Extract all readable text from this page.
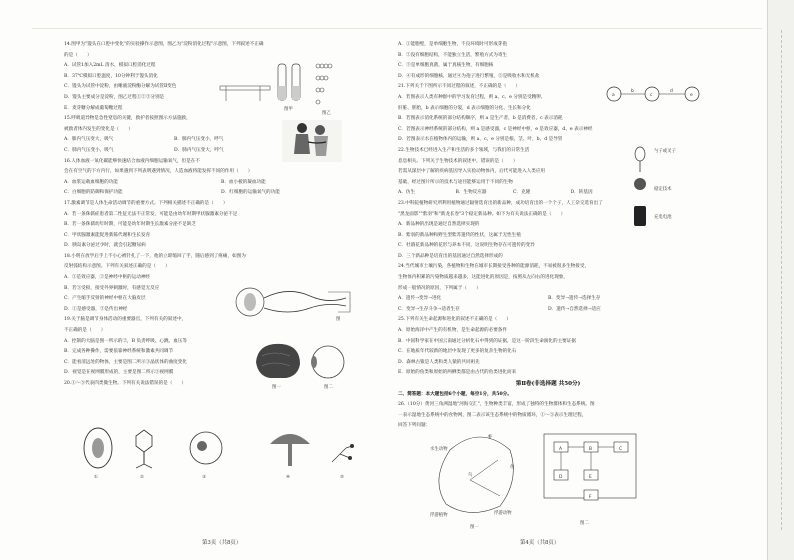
14.图甲为"馒头在口腔中变化"的实验操作示意图，图乙为"淀粉消化过程"示意图，下列叙述不正确
的是（　　）
A．试管1加入2mL 清水，模拟口腔消化过程
B．37℃模拟口腔温度，10分钟利于馒头消化
C．馒头为试管中淀粉，由唾液淀粉酶分解为试管Ⅱ变色
D．馒头主要成分是淀粉，图乙过程①②③分别是
E．麦芽糖分解成葡萄糖过程
15.呼吸道异物是急性窒息的关键，救护者按照图示方法施救，
被救者体内发生的变化是（　　）
A．肺内气压变大，吸气	B．肺内气压变小，呼气
C．肺内气压变小，吸气	D．肺内气压变大，呼气
16.人体血液一氧化碳能够快速结合血液内细胞运输氧气，但是在不
会在有空气的下方内行，如果遇到下列表明遇到情况，人造血液将能发挥不同的作用（　　）
A．血浆运载血细胞的功能	B．血小板的凝血功能
C．白细胞的防御和保护功能	D．红细胞的运输氧气的功能
17.激素调节是人体生命活动调节的重要方式。下列相关描述不正确的是（　　）
A．若一条侏儒症患者第二性征无法不正常发，可能是由幼年时期甲状腺激素分泌不足
B．若一条侏儒幼年时期，可能是幼年时期生长激素分泌不足缺乏
C．甲状腺激素能促进新陈代谢和生长发育
D．胰岛素分泌过少时，就会引起糖尿病
18.小明在放学后手上不小心被针扎了一下，他的立即缩回了手，随后感到了疼痛，如图为
反射弧结构示意图。下列有关叙述正确的是（　　）
A．①是效应器，②是神经中枢的运动神经
B．若⑤受损，接受外界刺激时，有感觉无反应
C．产生缩手反射的神经中枢在大脑皮层
D．①是感受器，③是传出神经
19.关于脑是调节身体活动的重要器官，下列有关的叙述中，
不正确的是（　　）
A．控制的大脑是图一所示的②，B 负责呼吸、心跳、血压等
B．完成各种操作，需要依靠神经系统和激素共同调节
C．能看清远处的物体，主要是图二所示③晶状体的曲度变化
D．视觉是在视网膜形成的，主要是图二所示⑤视网膜
20.①～⑤代表四类微生物。下列有关说法错误的是（　　）
图甲
图乙
图
图一	图二
①	②	③	④	⑤
第3页（共8页）
A．①能胞壁，是单细胞生物，不良环境时可形成芽孢
B．②没有细胞结构，不能独立生活，繁殖方式为寄生
C．③是单细胞真菌，属于真核生物，有细胞核
D．④有成形的细胞核，通过④为孢子进行繁殖，⑤是吸收水和无机盐
21.下列关于下图所示不同过程的叙述，不正确的是（　　）
A．若图表示人类有种群中的学习发育过程，则 a、c、e 分别是受精卵、
肝脏、胚胎，b 表示细胞的分裂，d 表示细胞的分化、生长和分化
B．若图表示消化系统的部分结构顺序，则 a 是生产者，b 是消费者，c 表示消耗
C．若图表示神经系统的部分结构，则 a 是感受器，c 是神经中枢，e 是效应器，d、e 表示神经
D．若图表示水在植物体内的运输，则 a、c、e 分别是根、茎、叶，b、d 是导管
22.生物技术已经进入生产和生活的多个领域，与我们的日常生活
息息相关。下列关于生物技术的叙述中，错误的是（　　）
若需从深层中了解的疾病基因导入实验动物体内，后代可能进入人类应用
基础，经过图片所示的技术与途径能够运用于不同的生物
A．仿生	B．生物反应器	C．克隆	D．转基因
23.中科院植物研究所利用植物通过辐射选育出的新品种，成功培育出的一个个子，人工杂交选育出了
"黑龙面影""紫羽"和"新龙长卷"3个稳定新品种。如下为有关说法正确的是（　　）
A．新品种的出现是通过自然选择实现的
B．紫羽的新品种和野生型紫苏遗传的性状，这属于无性生殖
C．杜鹃花新品种的花形与养本不同，这说明生物存在可遗传的变异
D．三个新品种是培育出的基因通过自然选择形成的
24.当代城市土壤污染，各植物和生物在城市长期接受各种的能源消耗，不易被很多生物接受，
生物体内积累的污染物质越来越多，这能进化的原因是，按照从左向右的进化现象，
形成一般情况的原因，下列属于（　　）
A．遗传→变异→进化	B．变异→遗传→选择生存
C．变异→生存斗争→适者生存	D．遗传→自然选择→适应
25.下列有关生命起源和进化的叙述不正确的是（　　）
A．原始海洋中产生的有机物，是生命起源的必要条件
B．中国科学家在中国云南通过分析化石中得到的证据，是这一阶段生命演化的主要证据
C．在地质年代较新的地层中发现了更多的复杂生物的化石
D．森林古猿是人类和类人猿的共同祖先
E．原始的鱼类和原始的两栖类都是由古代的鱼类进化而来
第Ⅱ卷(非选择题 共50分)
二、简答题：本大题包括6个小题，每空1分，共50分。
26.（10分）黄河三角洲湿地"河海交汇"，生物种类丰富，形成了独特的生物群体和生态系统。图
一表示湿地生态系统中的食物网，图二表示该生态系统中的物质循环，①～⑤表示生理过程，
回答下列问题：
a
b
c
d
e
勺子或叉子
稳定技术
充电电池
水生动物
虾
浮游植物	浮游动物
鱼
鸟
图一
A	B	C
D	E
F
图二
第4页（共8页）
